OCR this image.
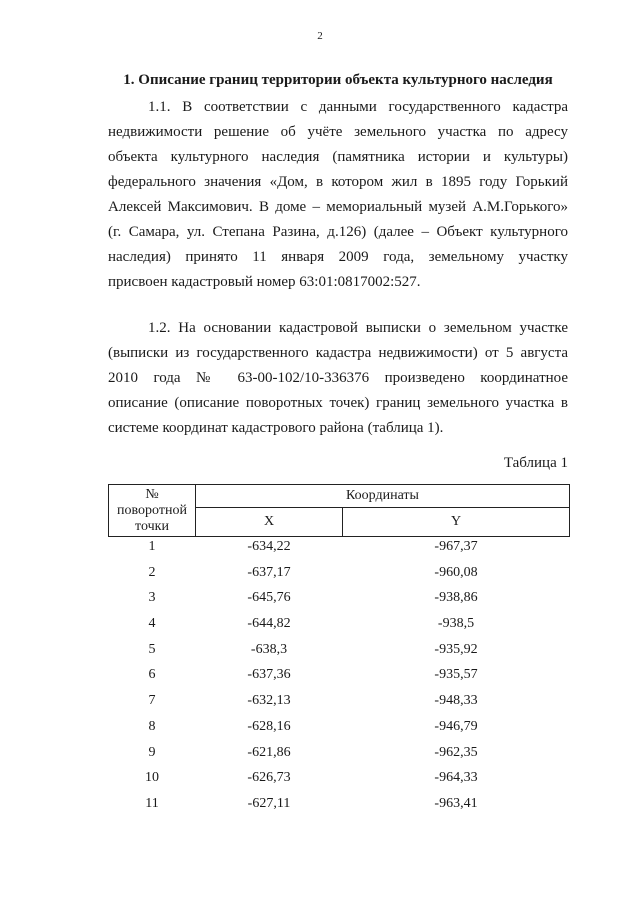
2
1. Описание границ территории объекта культурного наследия
1.1. В соответствии с данными государственного кадастра
недвижимости решение об учёте земельного участка по адресу
объекта культурного наследия (памятника истории и культуры)
федерального значения «Дом, в котором жил в 1895 году Горький
Алексей Максимович. В доме – мемориальный музей А.М.Горького»
(г. Самара, ул. Степана Разина, д.126) (далее – Объект культурного
наследия) принято 11 января 2009 года, земельному участку
присвоен кадастровый номер 63:01:0817002:527.
1.2. На основании кадастровой выписки о земельном участке
(выписки из государственного кадастра недвижимости) от 5 августа
2010 года № 63-00-102/10-336376 произведено координатное
описание (описание поворотных точек) границ земельного участка в
системе координат кадастрового района (таблица 1).
Таблица 1
№
поворотной
точки	Координаты	
	X	Y
1	-634,22	-967,37
2	-637,17	-960,08
3	-645,76	-938,86
4	-644,82	-938,5
5	-638,3	-935,92
6	-637,36	-935,57
7	-632,13	-948,33
8	-628,16	-946,79
9	-621,86	-962,35
10	-626,73	-964,33
11	-627,11	-963,41
